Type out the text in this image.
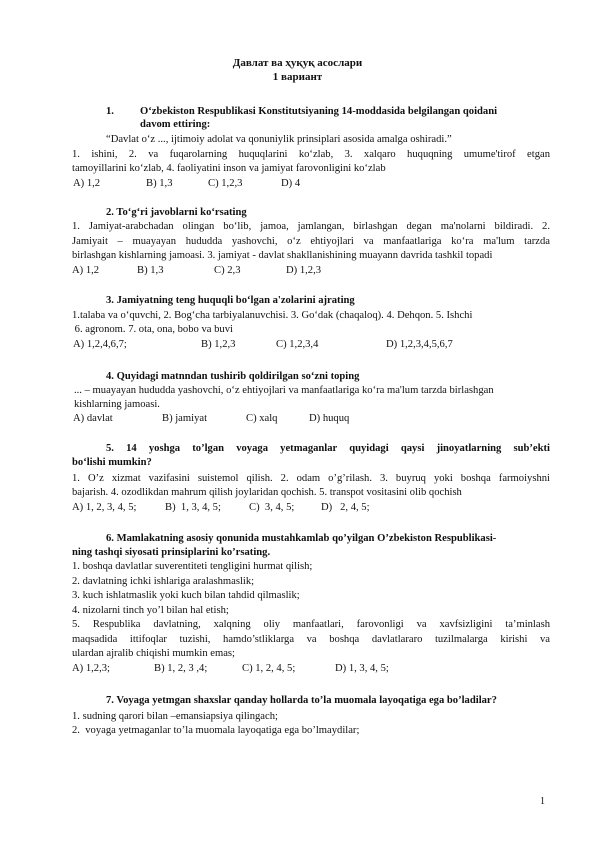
Давлат ва ҳуқуқ асослари
1 вариант
1. O‘zbekiston Respublikasi Konstitutsiyaning 14-moddasida belgilangan qoidani
davom ettiring:
“Davlat o‘z ..., ijtimoiy adolat va qonuniylik prinsiplari asosida amalga oshiradi.”
1. ishini, 2. va fuqarolarning huquqlarini ko‘zlab, 3. xalqaro huquqning umume'tirof etgan
tamoyillarini ko‘zlab, 4. faoliyatini inson va jamiyat farovonligini ko‘zlab
A) 1,2	B) 1,3	C) 1,2,3	D) 4
2. To‘g‘ri javoblarni ko‘rsating
1. Jamiyat-arabchadan olingan bo‘lib, jamoa, jamlangan, birlashgan degan ma'nolarni bildiradi. 2.
Jamiyait – muayayan hududda yashovchi, o‘z ehtiyojlari va manfaatlariga ko‘ra ma'lum tarzda
birlashgan kishlarning jamoasi. 3. jamiyat - davlat shakllanishining muayann davrida tashkil topadi
A) 1,2	B) 1,3	C) 2,3	D) 1,2,3
3. Jamiyatning teng huquqli bo‘lgan a'zolarini ajrating
1.talaba va o‘quvchi, 2. Bog‘cha tarbiyalanuvchisi. 3. Go‘dak (chaqaloq). 4. Dehqon. 5. Ishchi
6. agronom. 7. ota, ona, bobo va buvi
A) 1,2,4,6,7;	B) 1,2,3	C) 1,2,3,4	D) 1,2,3,4,5,6,7
4. Quyidagi matnndan tushirib qoldirilgan so‘zni toping
... – muayayan hududda yashovchi, o‘z ehtiyojlari va manfaatlariga ko‘ra ma'lum tarzda birlashgan
kishlarning jamoasi.
A) davlat	B) jamiyat	C) xalq	D) huquq
5. 14 yoshga to’lgan voyaga yetmaganlar quyidagi qaysi jinoyatlarning sub’ekti
bo‘lishi mumkin?
1. O’z xizmat vazifasini suistemol qilish. 2. odam o’g’rilash. 3. buyruq yoki boshqa farmoiyshni
bajarish. 4. ozodlikdan mahrum qilish joylaridan qochish. 5. transpot vositasini olib qochish
A) 1, 2, 3, 4, 5;	B)  1, 3, 4, 5;	C)  3, 4, 5;	D)   2, 4, 5;
6. Mamlakatning asosiy qonunida mustahkamlab qo’yilgan O’zbekiston Respublikasi-
ning tashqi siyosati prinsiplarini ko’rsating.
1. boshqa davlatlar suverentiteti tengligini hurmat qilish;
2. davlatning ichki ishlariga aralashmaslik;
3. kuch ishlatmaslik yoki kuch bilan tahdid qilmaslik;
4. nizolarni tinch yo’l bilan hal etish;
5. Respublika davlatning, xalqning oliy manfaatlari, farovonligi va xavfsizligini ta’minlash
maqsadida ittifoqlar tuzishi, hamdo’stliklarga va boshqa davlatlararo tuzilmalarga kirishi va
ulardan ajralib chiqishi mumkin emas;
A) 1,2,3;	B) 1, 2, 3 ,4;	C) 1, 2, 4, 5;	D) 1, 3, 4, 5;
7. Voyaga yetmgan shaxslar qanday hollarda to’la muomala layoqatiga ega bo’ladilar?
1. sudning qarori bilan –emansiapsiya qilingach;
2.  voyaga yetmaganlar to’la muomala layoqatiga ega bo’lmaydilar;
1
